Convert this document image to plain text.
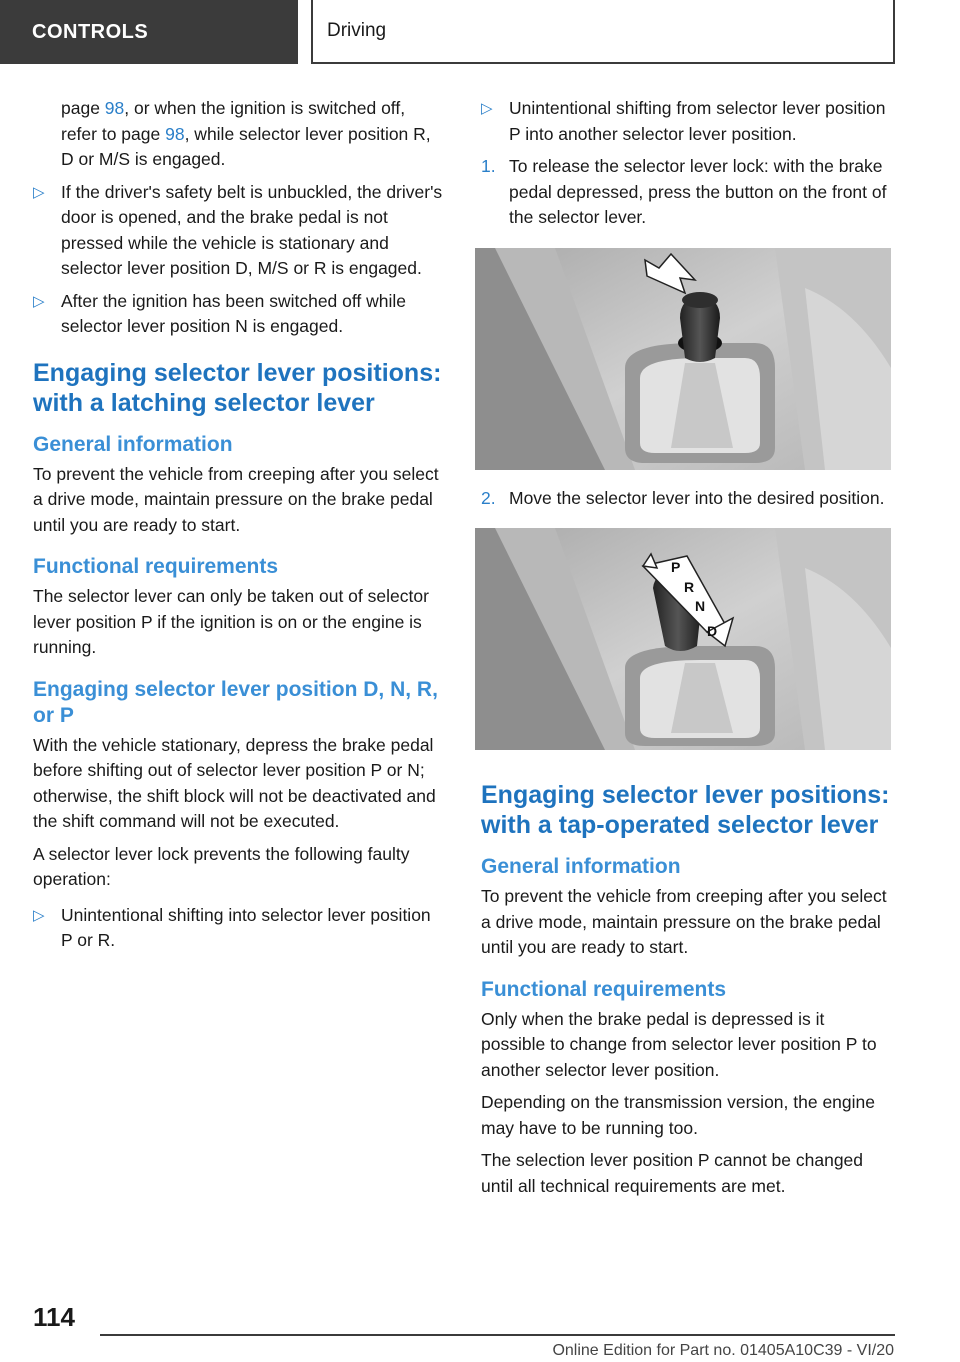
CONTROLS	Driving

page 98, or when the ignition is switched off, refer to page 98, while selector lever position R, D or M/S is engaged.

▷ If the driver's safety belt is unbuckled, the driver's door is opened, and the brake pedal is not pressed while the vehicle is stationary and selector lever position D, M/S or R is engaged.
▷ After the ignition has been switched off while selector lever position N is engaged.
Engaging selector lever positions: with a latching selector lever
General information

To prevent the vehicle from creeping after you select a drive mode, maintain pressure on the brake pedal until you are ready to start.

Functional requirements

The selector lever can only be taken out of selector lever position P if the ignition is on or the engine is running.

Engaging selector lever position D, N, R, or P

With the vehicle stationary, depress the brake pedal before shifting out of selector lever position P or N; otherwise, the shift block will not be deactivated and the shift command will not be executed.

A selector lever lock prevents the following faulty operation:

▷ Unintentional shifting into selector lever position P or R.
▷ Unintentional shifting from selector lever position P into another selector lever position.
1. To release the selector lever lock: with the brake pedal depressed, press the button on the front of the selector lever.
2. Move the selector lever into the desired position.
P
R
N
D
Engaging selector lever positions: with a tap-operated selector lever
General information

To prevent the vehicle from creeping after you select a drive mode, maintain pressure on the brake pedal until you are ready to start.

Functional requirements

Only when the brake pedal is depressed is it possible to change from selector lever position P to another selector lever position.

Depending on the transmission version, the engine may have to be running too.

The selection lever position P cannot be changed until all technical requirements are met.

114
Online Edition for Part no. 01405A10C39 - VI/20
